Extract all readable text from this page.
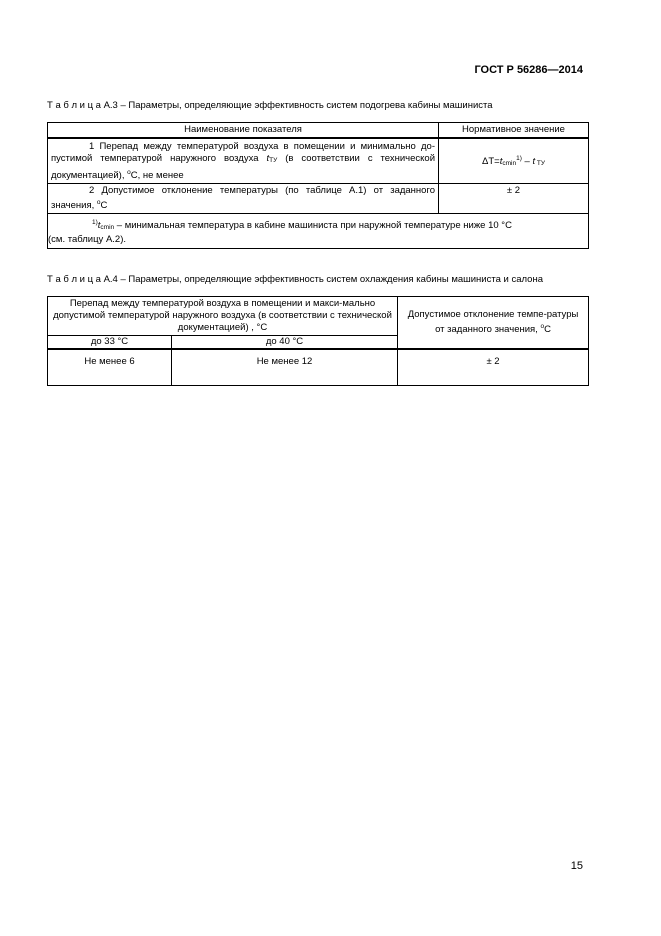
ГОСТ Р 56286—2014
Т а б л и ц а А.3 – Параметры, определяющие эффективность систем подогрева кабины машиниста
Наименование показателя	Нормативное значение
1 Перепад между температурой воздуха в помещении и минимально до-пустимой температурой наружного воздуха tТУ (в соответствии с технической документацией), $^о$С, не менее	ΔT=tcmin$^{1)}$ – t ТУ
2 Допустимое отклонение температуры (по таблице А.1) от заданного значения, $^о$С	± 2

$^{1)}$tcmin – минимальная температура в кабине машиниста при наружной температуре ниже 10 °С
(см. таблицу А.2).	
Т а б л и ц а А.4 – Параметры, определяющие эффективность систем охлаждения кабины машиниста и салона
Перепад между температурой воздуха в помещении и макси-мально допустимой температурой наружного воздуха (в соответствии с технической документацией) , °С		Допустимое отклонение темпе-ратуры от заданного значения, $^о$С
до 33 °С	до 40 °С	
Не менее 6	Не менее 12	± 2
15
